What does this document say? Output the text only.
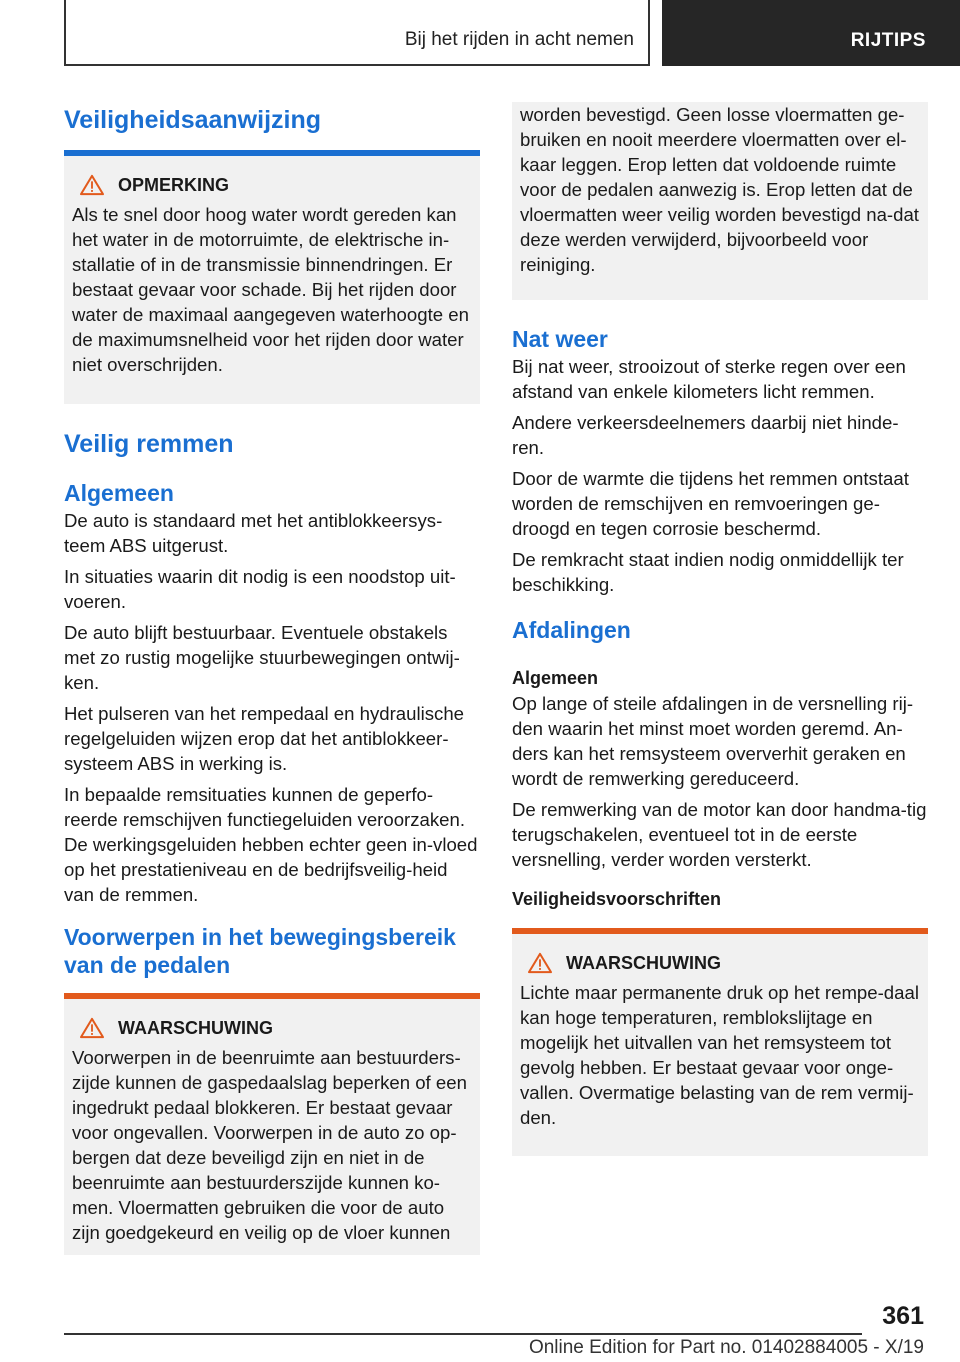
Bij het rijden in acht nemen	RIJTIPS
Veiligheidsaanwijzing
OPMERKING

Als te snel door hoog water wordt gereden kan het water in de motorruimte, de elektrische in-stallatie of in de transmissie binnendringen. Er bestaat gevaar voor schade. Bij het rijden door water de maximaal aangegeven waterhoogte en de maximumsnelheid voor het rijden door water niet overschrijden.

Veilig remmen
Algemeen

De auto is standaard met het antiblokkeersys-teem ABS uitgerust.

In situaties waarin dit nodig is een noodstop uit-voeren.

De auto blijft bestuurbaar. Eventuele obstakels met zo rustig mogelijke stuurbewegingen ontwij-ken.

Het pulseren van het rempedaal en hydraulische regelgeluiden wijzen erop dat het antiblokkeer-systeem ABS in werking is.

In bepaalde remsituaties kunnen de geperfo-reerde remschijven functiegeluiden veroorzaken. De werkingsgeluiden hebben echter geen in-vloed op het prestatieniveau en de bedrijfsveilig-heid van de remmen.

Voorwerpen in het bewegingsbereik van de pedalen
WAARSCHUWING

Voorwerpen in de beenruimte aan bestuurders-zijde kunnen de gaspedaalslag beperken of een ingedrukt pedaal blokkeren. Er bestaat gevaar voor ongevallen. Voorwerpen in de auto zo op-bergen dat deze beveiligd zijn en niet in de beenruimte aan bestuurderszijde kunnen ko-men. Vloermatten gebruiken die voor de auto zijn goedgekeurd en veilig op de vloer kunnen

worden bevestigd. Geen losse vloermatten ge-bruiken en nooit meerdere vloermatten over el-kaar leggen. Erop letten dat voldoende ruimte voor de pedalen aanwezig is. Erop letten dat de vloermatten weer veilig worden bevestigd na-dat deze werden verwijderd, bijvoorbeeld voor reiniging.

Nat weer

Bij nat weer, strooizout of sterke regen over een afstand van enkele kilometers licht remmen.

Andere verkeersdeelnemers daarbij niet hinde-ren.

Door de warmte die tijdens het remmen ontstaat worden de remschijven en remvoeringen ge-droogd en tegen corrosie beschermd.

De remkracht staat indien nodig onmiddellijk ter beschikking.

Afdalingen
Algemeen

Op lange of steile afdalingen in de versnelling rij-den waarin het minst moet worden geremd. An-ders kan het remsysteem oververhit geraken en wordt de remwerking gereduceerd.

De remwerking van de motor kan door handma-tig terugschakelen, eventueel tot in de eerste versnelling, verder worden versterkt.

Veiligheidsvoorschriften
WAARSCHUWING

Lichte maar permanente druk op het rempe-daal kan hoge temperaturen, remblokslijtage en mogelijk het uitvallen van het remsysteem tot gevolg hebben. Er bestaat gevaar voor onge-vallen. Overmatige belasting van de rem vermij-den.

361
Online Edition for Part no. 01402884005 - X/19
